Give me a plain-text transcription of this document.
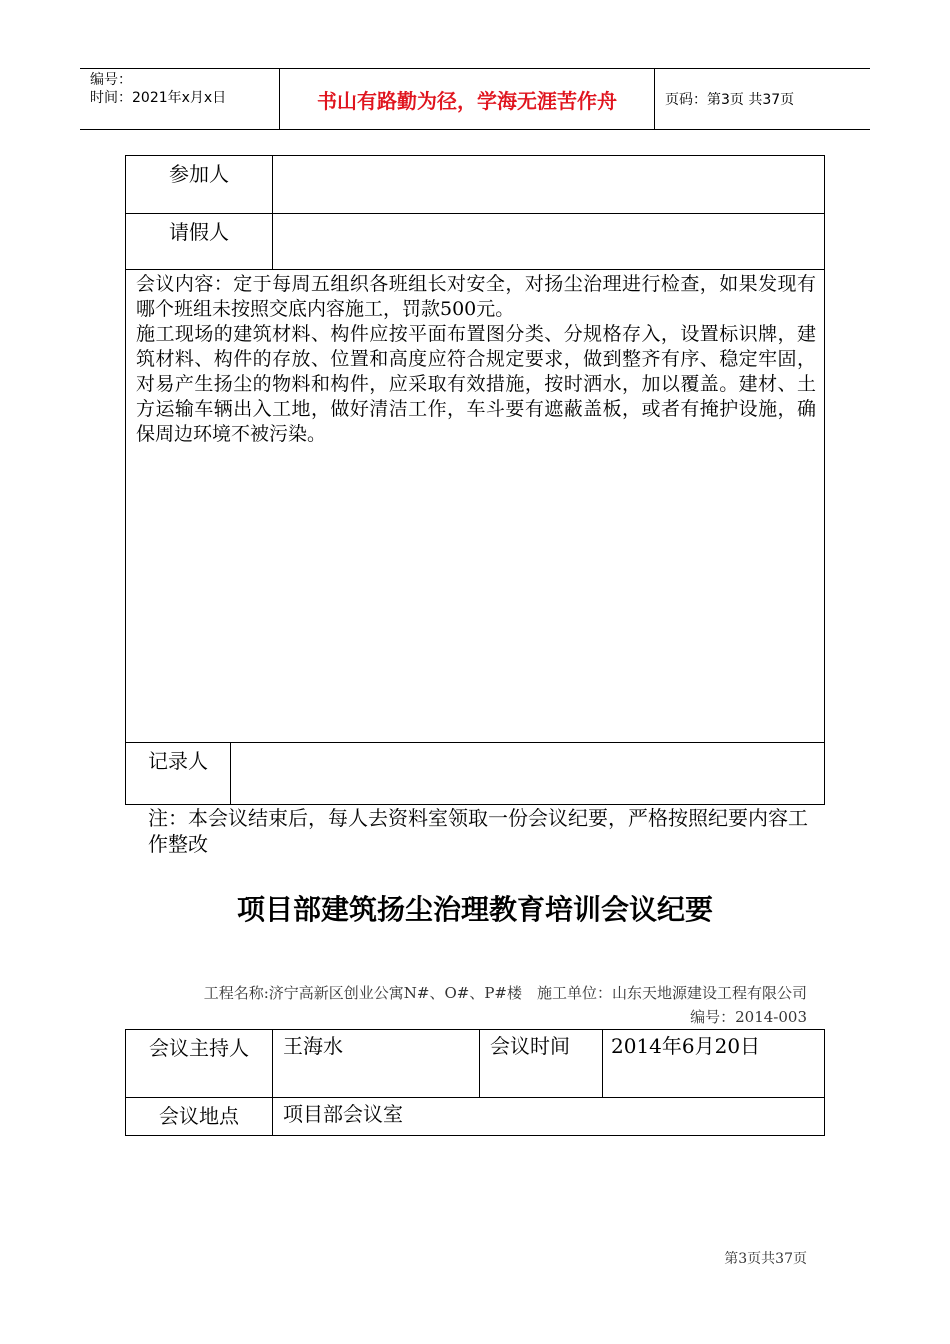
编号：
时间：2021年x月x日	书山有路勤为径，学海无涯苦作舟	页码：第3页 共37页
参加人	
请假人	

会议内容：定于每周五组织各班组长对安全，对扬尘治理进行检查，如果发现有哪个班组未按照交底内容施工，罚款500元。

施工现场的建筑材料、构件应按平面布置图分类、分规格存入，设置标识牌，建筑材料、构件的存放、位置和高度应符合规定要求，做到整齐有序、稳定牢固，对易产生扬尘的物料和构件，应采取有效措施，按时洒水，加以覆盖。建材、土方运输车辆出入工地，做好清洁工作，车斗要有遮蔽盖板，或者有掩护设施，确保周边环境不被污染。	

记录人	
注：本会议结束后，每人去资料室领取一份会议纪要，严格按照纪要内容工作整改
项目部建筑扬尘治理教育培训会议纪要
工程名称:济宁高新区创业公寓N#、O#、P#楼　施工单位：山东天地源建设工程有限公司
编号：2014-003
会议主持人	王海水	会议时间	2014年6月20日
会议地点	项目部会议室		
第3页共37页
